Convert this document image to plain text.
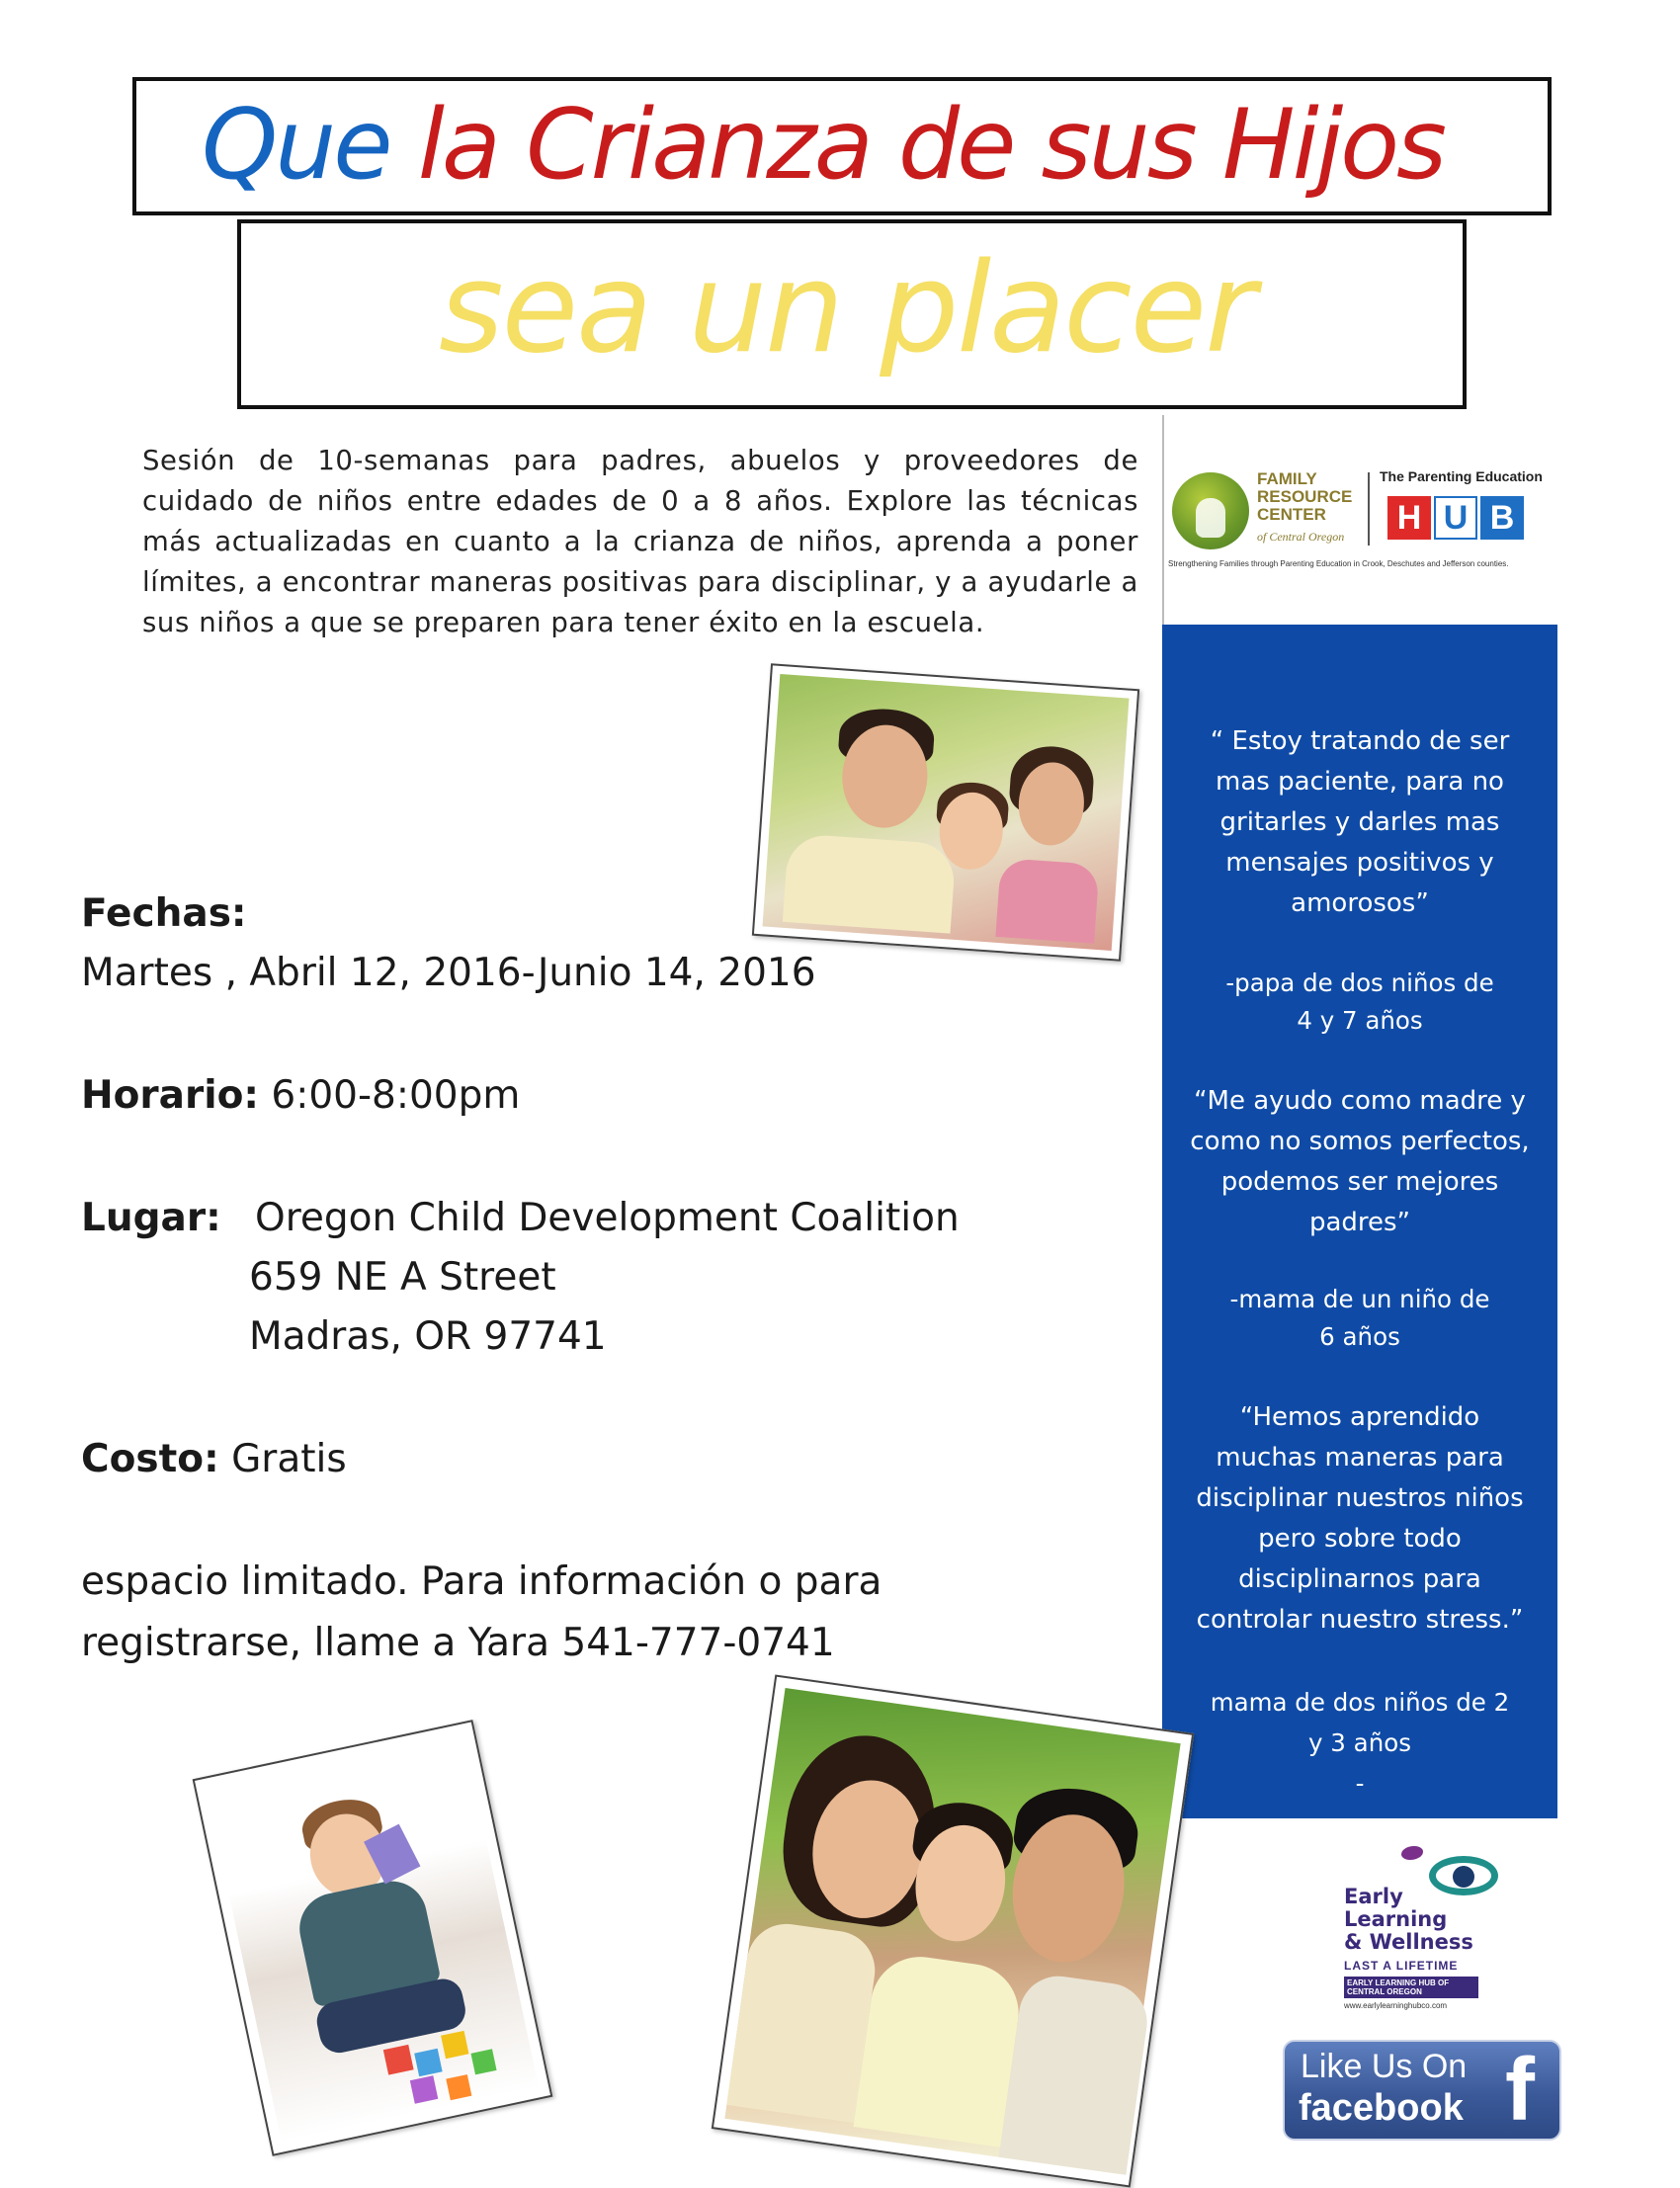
Que la Crianza de sus Hijos
sea un placer
Sesión de 10-semanas para padres, abuelos y proveedores de cuidado de niños entre edades de 0 a 8 años. Explore las técnicas más actualizadas en cuanto a la crianza de niños, aprenda a poner límites, a encontrar maneras positivas para disciplinar, y a ayudarle a sus niños a que se preparen para tener éxito en la escuela.
FAMILY RESOURCE CENTER
of Central Oregon
The Parenting Education
H U B
Strengthening Families through Parenting Education in Crook, Deschutes and Jefferson counties.
“ Estoy tratando de ser
mas paciente, para no
gritarles y darles mas
mensajes positivos y
amorosos”
-papa de dos niños de
4 y 7 años
“Me ayudo como madre y
como no somos perfectos,
podemos ser mejores
padres”
-mama de un niño de
6 años
“Hemos aprendido
muchas maneras para
disciplinar nuestros niños
pero sobre todo
disciplinarnos para
controlar nuestro stress.”
mama de dos niños de 2
y 3 años
-
Fechas:
Martes , Abril 12, 2016-Junio 14, 2016
Horario: 6:00-8:00pm
Lugar: Oregon Child Development Coalition
659 NE A Street
Madras, OR 97741
Costo: Gratis
espacio limitado. Para información o para
registrarse, llame a Yara 541-777-0741
Early
Learning
& Wellness
LAST A LIFETIME
EARLY LEARNING HUB OF CENTRAL OREGON
www.earlylearninghubco.com
Like Us On
facebook f
